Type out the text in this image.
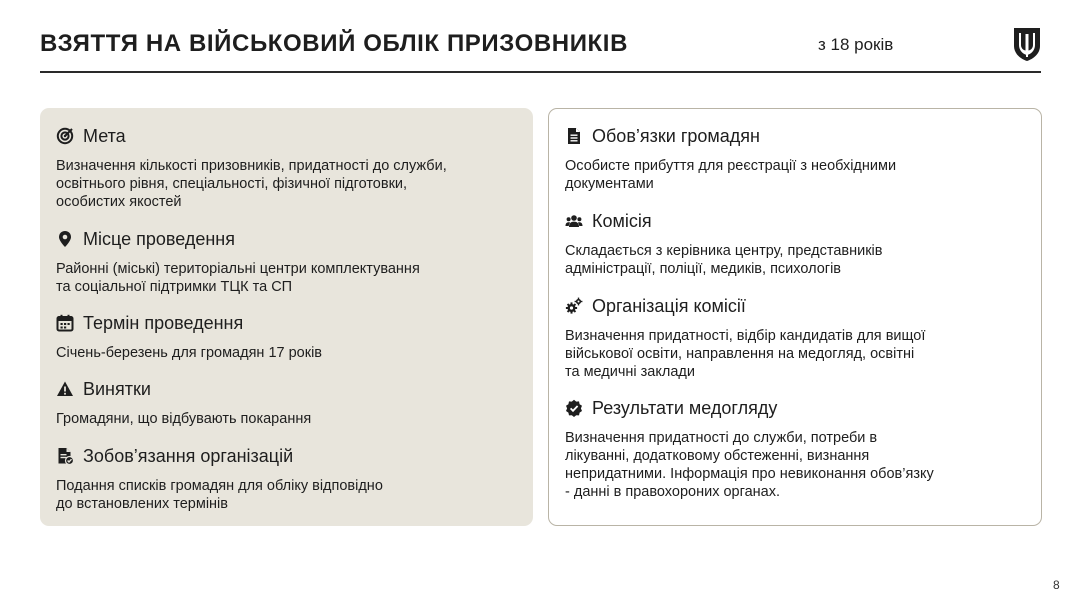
ВЗЯТТЯ НА ВІЙСЬКОВИЙ ОБЛІК ПРИЗОВНИКІВ	з 18 років
Мета
Визначення кількості призовників, придатності до служби,
освітнього рівня, спеціальності, фізичної підготовки,
особистих якостей
Місце проведення
Районні (міські) територіальні центри комплектування
та соціальної підтримки ТЦК та СП
Термін проведення
Січень-березень для громадян 17 років
Винятки
Громадяни, що відбувають покарання
Зобов’язання організацій
Подання списків громадян для обліку відповідно
до встановлених термінів
Обов’язки громадян
Особисте прибуття для реєстрації з необхідними
документами
Комісія
Складається з керівника центру, представників
адміністрації, поліції, медиків, психологів
Організація комісії
Визначення придатності, відбір кандидатів для вищої
військової освіти, направлення на медогляд, освітні
та медичні заклади
Результати медогляду
Визначення придатності до служби, потреби в
лікуванні, додатковому обстеженні, визнання
непридатними. Інформація про невиконання обов’язку
- данні в правохороних органах.
8
